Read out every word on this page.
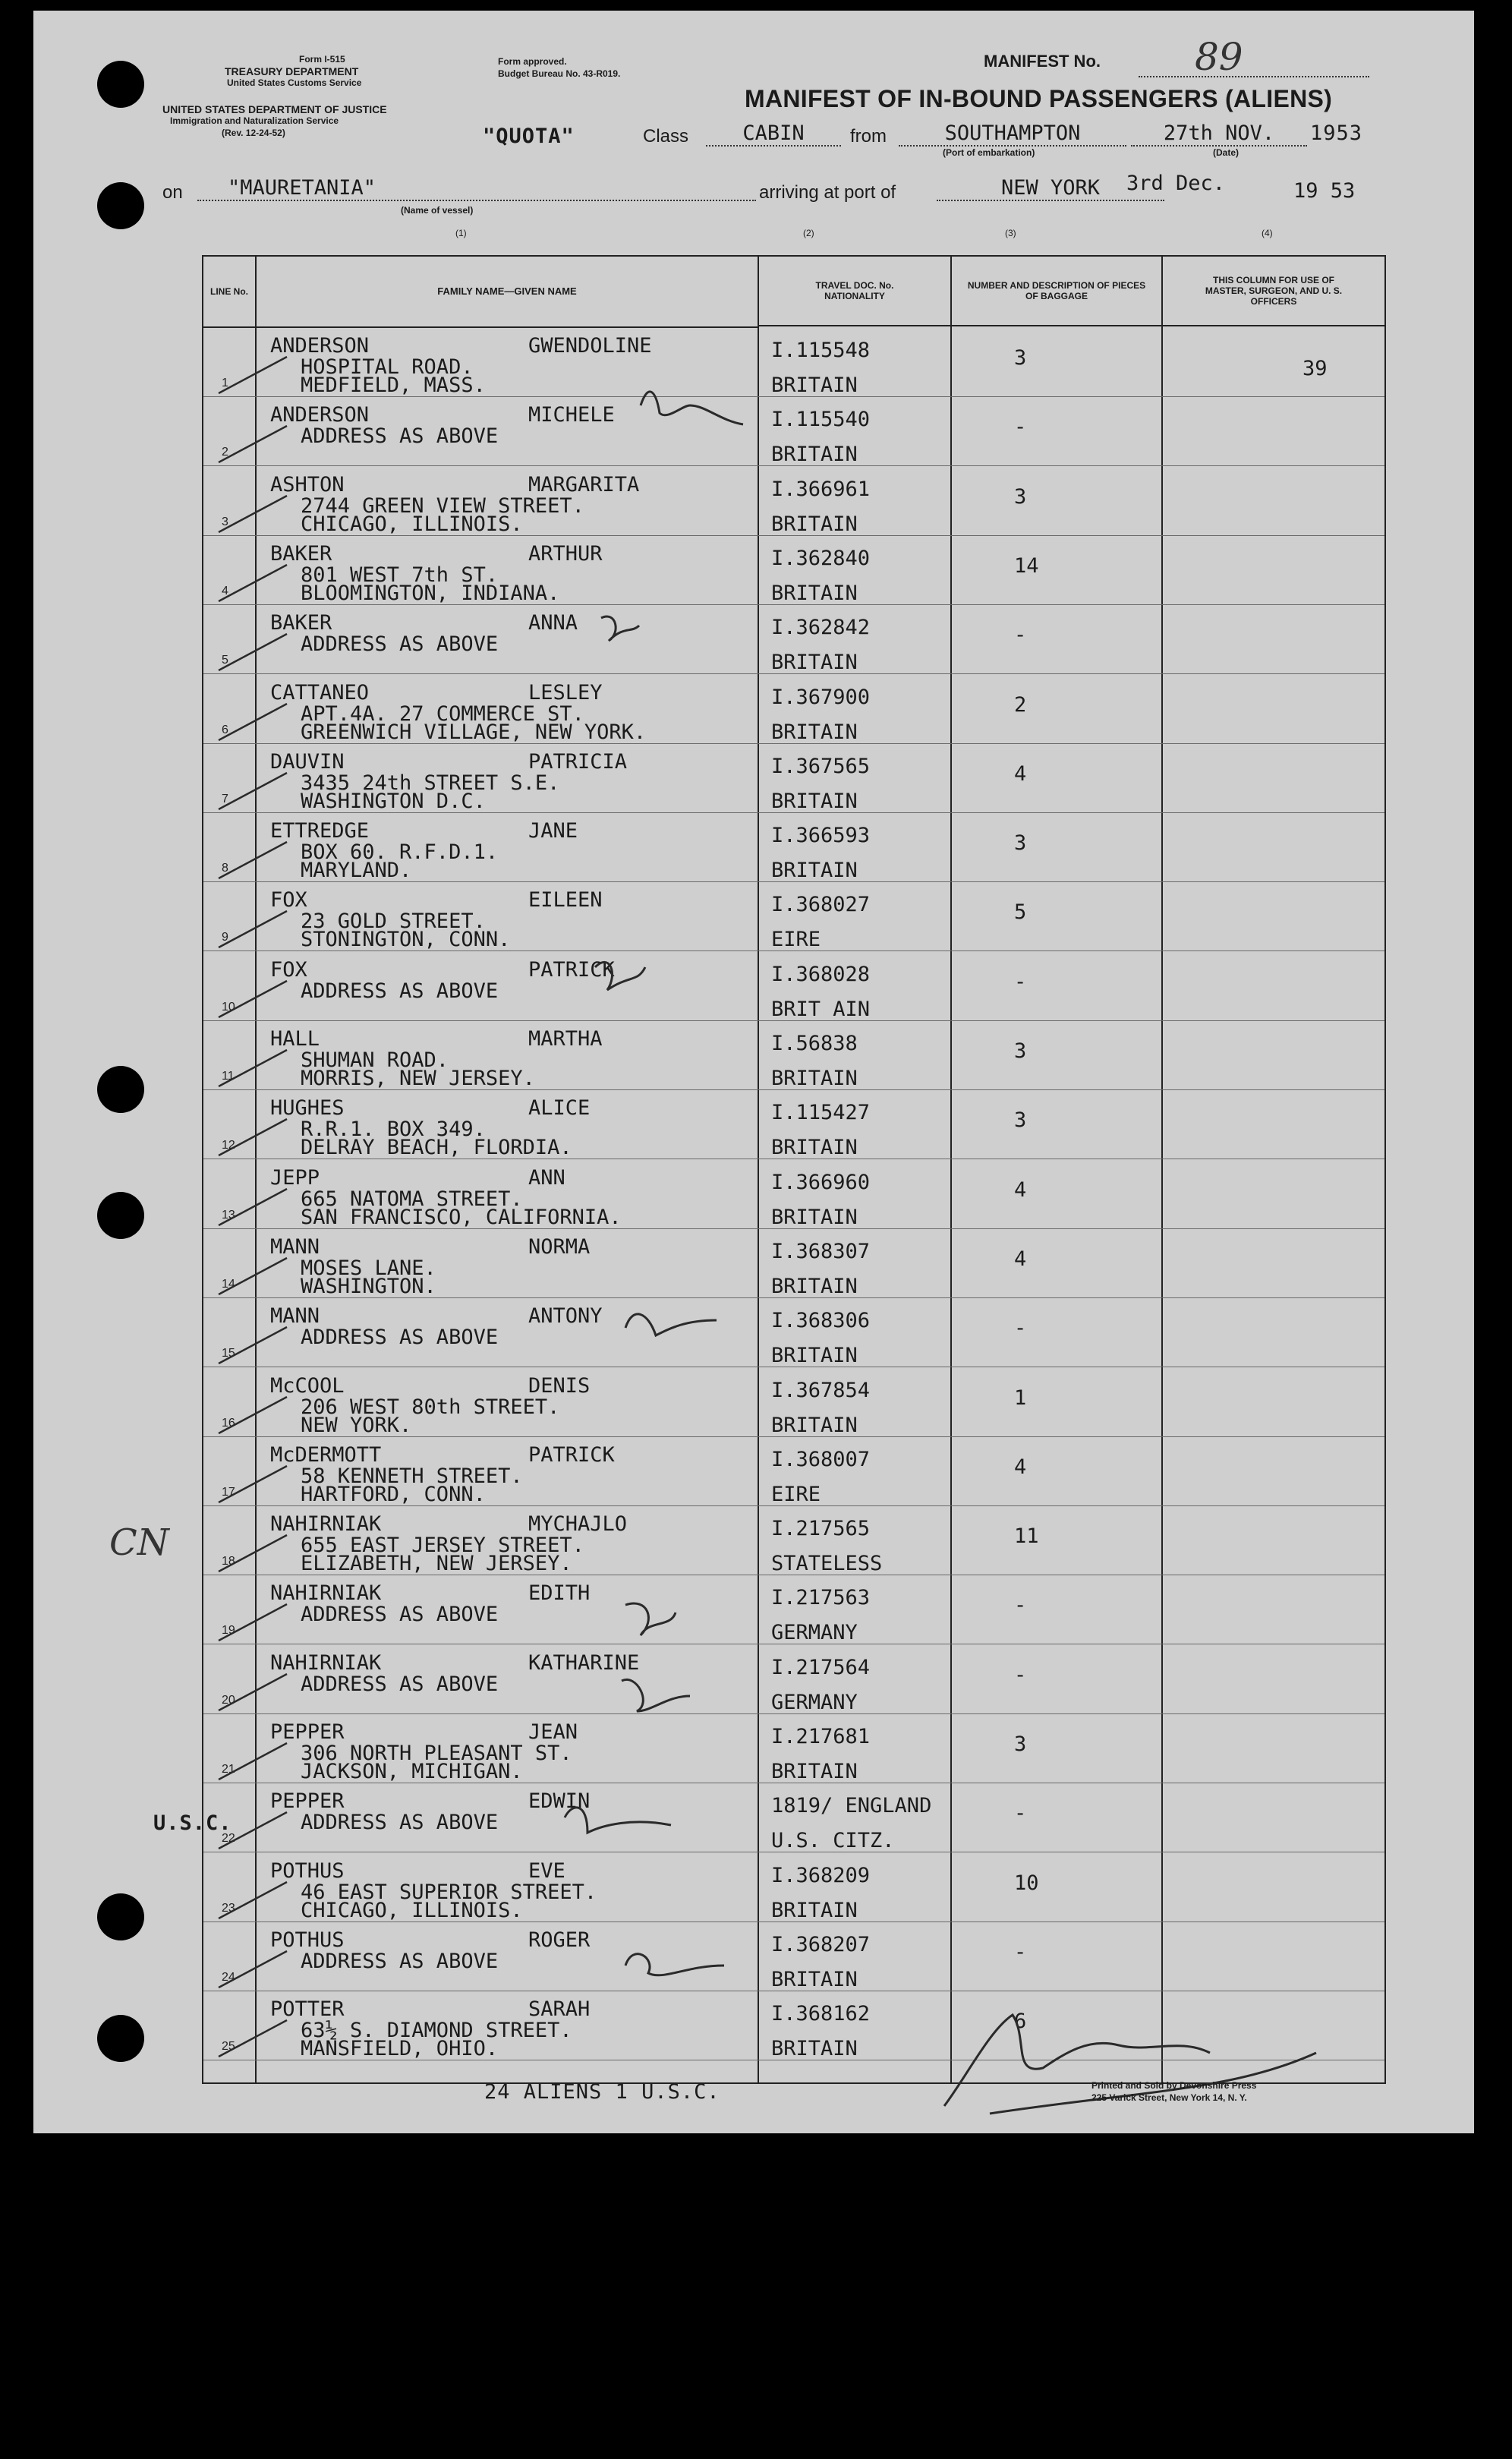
Form I-515
TREASURY DEPARTMENT
United States Customs Service
UNITED STATES DEPARTMENT OF JUSTICE
Immigration and Naturalization Service
(Rev. 12-24-52)
Form approved.
Budget Bureau No. 43-R019.
"QUOTA"
MANIFEST No. 89
MANIFEST OF IN-BOUND PASSENGERS (ALIENS)
Class	CABIN	from	SOUTHAMPTON
(Port of embarkation)
27th NOV.	1953
(Date)
on	"MAURETANIA"
(Name of vessel)
arriving at port of	NEW YORK	3rd Dec.	19 53
(1)	(2)	(3)	(4)
LINE No.	FAMILY NAME—GIVEN NAME	TRAVEL DOC. No. NATIONALITY
NUMBER AND DESCRIPTION OF PIECES OF BAGGAGE
THIS COLUMN FOR USE OF MASTER, SURGEON, AND U. S. OFFICERS
1
ANDERSON	GWENDOLINE
HOSPITAL ROAD.
MEDFIELD, MASS.
I.115548
BRITAIN
3	39
2
ANDERSON	MICHELE
ADDRESS AS ABOVE
I.115540
BRITAIN
-
3
ASHTON	MARGARITA
2744 GREEN VIEW STREET.
CHICAGO, ILLINOIS.
I.366961
BRITAIN
3
4
BAKER	ARTHUR
801 WEST 7th ST.
BLOOMINGTON, INDIANA.
I.362840
BRITAIN
14
5
BAKER	ANNA
ADDRESS AS ABOVE
I.362842
BRITAIN
-
6
CATTANEO	LESLEY
APT.4A. 27 COMMERCE ST.
GREENWICH VILLAGE, NEW YORK.
I.367900
BRITAIN
2
7
DAUVIN	PATRICIA
3435 24th STREET S.E.
WASHINGTON D.C.
I.367565
BRITAIN
4
8
ETTREDGE	JANE
BOX 60. R.F.D.1.
MARYLAND.
I.366593
BRITAIN
3
9
FOX	EILEEN
23 GOLD STREET.
STONINGTON, CONN.
I.368027
EIRE
5
10
FOX	PATRICK
ADDRESS AS ABOVE
I.368028
BRIT AIN
-
11
HALL	MARTHA
SHUMAN ROAD.
MORRIS, NEW JERSEY.
I.56838
BRITAIN
3
12
HUGHES	ALICE
R.R.1. BOX 349.
DELRAY BEACH, FLORDIA.
I.115427
BRITAIN
3
13
JEPP	ANN
665 NATOMA STREET.
SAN FRANCISCO, CALIFORNIA.
I.366960
BRITAIN
4
14
MANN	NORMA
MOSES LANE.
WASHINGTON.
I.368307
BRITAIN
4
15
MANN	ANTONY
ADDRESS AS ABOVE
I.368306
BRITAIN
-
16
McCOOL	DENIS
206 WEST 80th STREET.
NEW YORK.
I.367854
BRITAIN
1
17
McDERMOTT	PATRICK
58 KENNETH STREET.
HARTFORD, CONN.
I.368007
EIRE
4
18
NAHIRNIAK	MYCHAJLO
655 EAST JERSEY STREET.
ELIZABETH, NEW JERSEY.
I.217565
STATELESS
11
19
NAHIRNIAK	EDITH
ADDRESS AS ABOVE
I.217563
GERMANY
-
20
NAHIRNIAK	KATHARINE
ADDRESS AS ABOVE
I.217564
GERMANY
-
21
PEPPER	JEAN
306 NORTH PLEASANT ST.
JACKSON, MICHIGAN.
I.217681
BRITAIN
3
22
PEPPER	EDWIN
ADDRESS AS ABOVE
1819/ ENGLAND
U.S. CITZ.
-
23
POTHUS	EVE
46 EAST SUPERIOR STREET.
CHICAGO, ILLINOIS.
I.368209
BRITAIN
10
24
POTHUS	ROGER
ADDRESS AS ABOVE
I.368207
BRITAIN
-
25
POTTER	SARAH
63½ S. DIAMOND STREET.
MANSFIELD, OHIO.
I.368162
BRITAIN
6
CN
U.S.C.
24 ALIENS 1 U.S.C.	Printed and Sold by Devonshire Press
225 Varick Street, New York 14, N. Y.
